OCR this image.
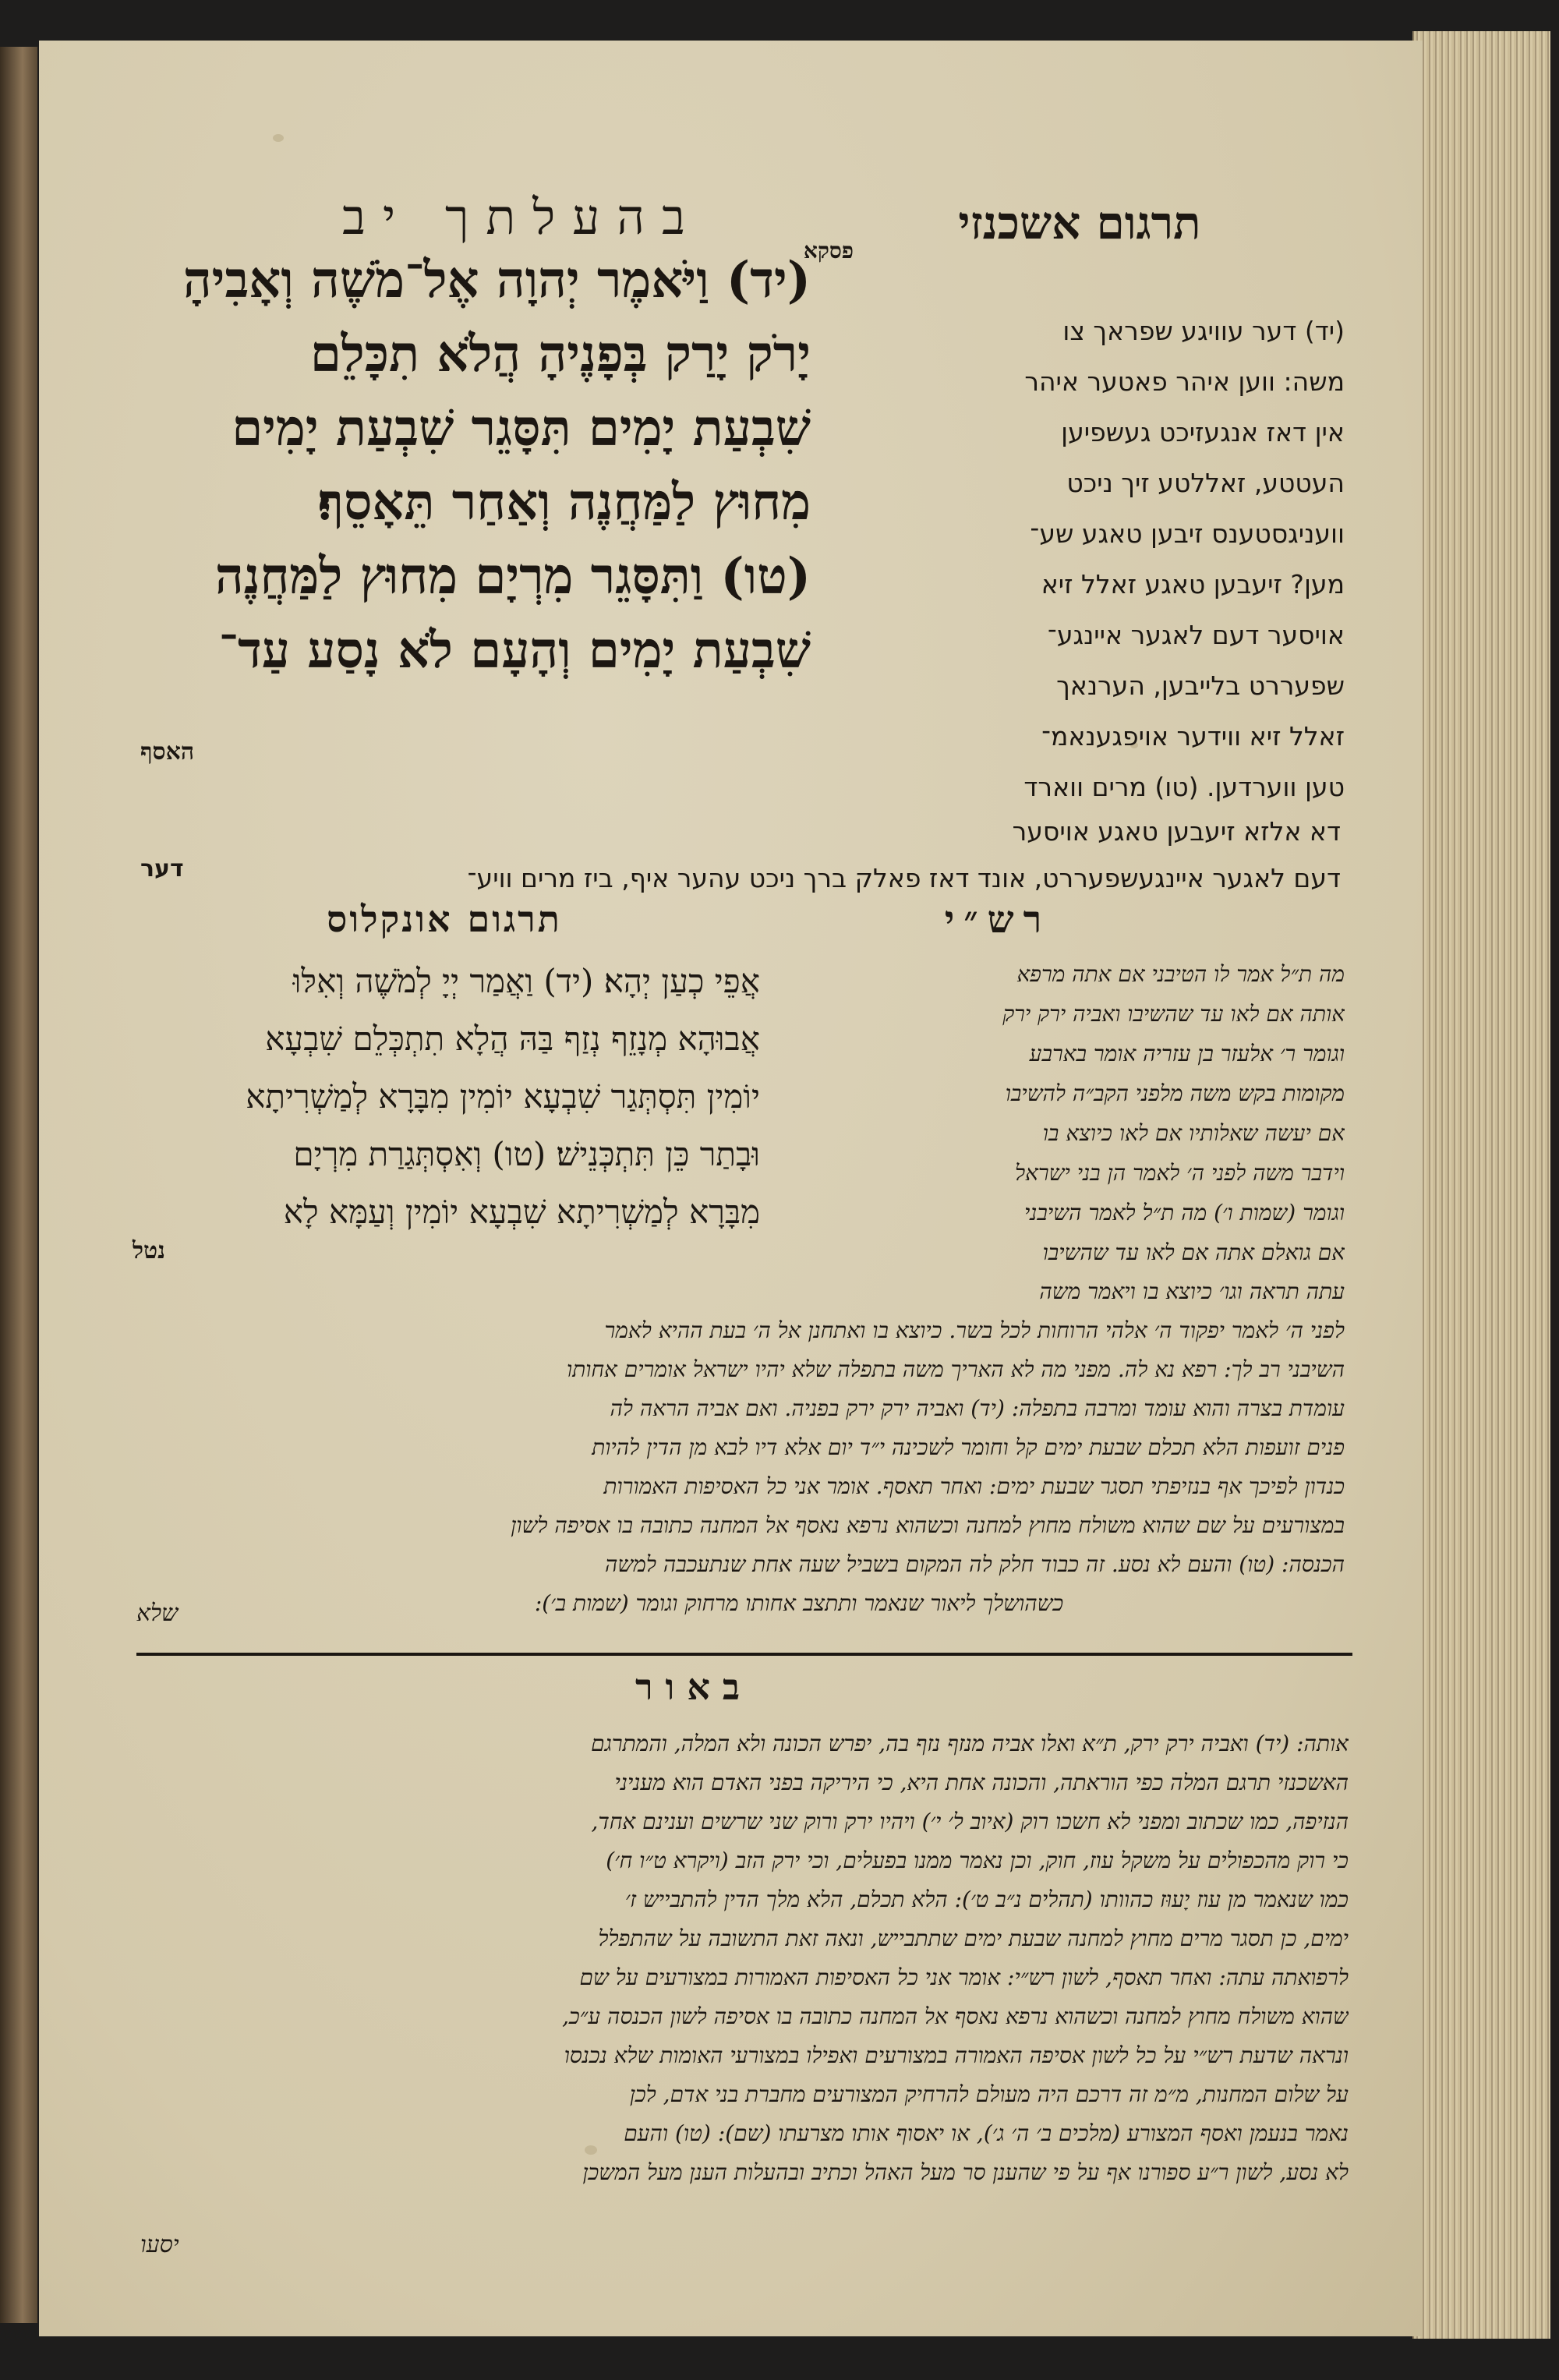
בהעלתך יב	תרגום אשכנזי
פסקא
(יד) וַיֹּאמֶר יְהוָה אֶל־מֹשֶׁה וְאָבִיהָ
יָרֹק יָרַק בְּפָנֶיהָ הֲלֹא תִכָּלֵם
שִׁבְעַת יָמִים תִּסָּגֵר שִׁבְעַת יָמִים
מִחוּץ לַמַּחֲנֶה וְאַחַר תֵּאָסֵף׃
(טו) וַתִּסָּגֵר מִרְיָם מִחוּץ לַמַּחֲנֶה
שִׁבְעַת יָמִים וְהָעָם לֹא נָסַע עַד־
האסף
(יד) דער עוויגע שפראך צו
משה: ווען איהר פאטער איהר
אין דאז אנגעזיכט געשפיען
העטטע, זאללטע זיך ניכט
וועניגסטענס זיבען טאגע שע־
מען? זיעבען טאגע זאלל זיא
אויסער דעם לאגער איינגע־
שפעררט בלייבען, הערנאך
זאלל זיא ווידער אויפגענאמ־
טען ווערדען. (טו) מרים ווארד
דא אלזא זיעבען טאגע אויסער
דעם לאגער איינגעשפעררט, אונד דאז פאלק ברך ניכט עהער איף, ביז מרים וויע־
דער
תרגום אונקלוס	רש״י
אֲפֵי כְעַן יְהָא׃ (יד) וַאֲמַר יְיָ לְמֹשֶׁה וְאִלּוּ
אֲבוּהָא מְנָזֵף נְזַף בַּהּ הֲלָא תִתְכְּלֵם שִׁבְעָא
יוֹמִין תִּסְתְּגַר שִׁבְעָא יוֹמִין מִבָּרָא לְמַשְׁרִיתָא
וּבָתַר כֵּן תִּתְכְּנֵישׁ׃ (טו) וְאִסְתְּגַרַת מִרְיָם
מִבָּרָא לְמַשְׁרִיתָא שִׁבְעָא יוֹמִין וְעַמָּא לָא
נטל
מה ת״ל אמר לו הטיבני אם אתה מרפא
אותה אם לאו עד שהשיבו ואביה ירק ירק
וגומר ר׳ אלעזר בן עזריה אומר בארבע
מקומות בקש משה מלפני הקב״ה להשיבו
אם יעשה שאלותיו אם לאו כיוצא בו
וידבר משה לפני ה׳ לאמר הן בני ישראל
וגומר (שמות ו׳) מה ת״ל לאמר השיבני
אם גואלם אתה אם לאו עד שהשיבו
עתה תראה וגו׳ כיוצא בו ויאמר משה
לפני ה׳ לאמר יפקוד ה׳ אלהי הרוחות לכל בשר. כיוצא בו ואתחנן אל ה׳ בעת ההיא לאמר
השיבני רב לך: רפא נא לה. מפני מה לא האריך משה בתפלה שלא יהיו ישראל אומרים אחותו
עומדת בצרה והוא עומד ומרבה בתפלה: (יד) ואביה ירק ירק בפניה. ואם אביה הראה לה
פנים זועפות הלא תכלם שבעת ימים קל וחומר לשכינה י״ד יום אלא דיו לבא מן הדין להיות
כנדון לפיכך אף בנזיפתי תסגר שבעת ימים: ואחר תאסף. אומר אני כל האסיפות האמורות
במצורעים על שם שהוא משולח מחוץ למחנה וכשהוא נרפא נאסף אל המחנה כתובה בו אסיפה לשון
הכנסה: (טו) והעם לא נסע. זה כבוד חלק לה המקום בשביל שעה אחת שנתעכבה למשה
כשהושלך ליאור שנאמר ותתצב אחותו מרחוק וגומר (שמות ב׳):
שלא
באור
אותה: (יד) ואביה ירק ירק, ת״א ואלו אביה מנזף נזף בה, יפרש הכונה ולא המלה, והמתרגם
האשכנזי תרגם המלה כפי הוראתה, והכונה אחת היא, כי היריקה בפני האדם הוא מעניני
הנזיפה, כמו שכתוב ומפני לא חשכו רוק (איוב ל׳ י׳) ויהיו ירק ורוק שני שרשים וענינם אחד,
כי רוק מהכפולים על משקל עוז, חוק, וכן נאמר ממנו בפעלים, וכי ירק הזב (ויקרא ט״ו ח׳)
כמו שנאמר מן עוז יָעוּז כהוותו (תהלים נ״ב ט׳): הלא תכלם, הלא מלך הדין להתבייש ז׳
ימים, כן תסגר מרים מחוץ למחנה שבעת ימים שתתבייש, ונאה זאת התשובה על שהתפלל
לרפואתה עתה: ואחר תאסף, לשון רש״י: אומר אני כל האסיפות האמורות במצורעים על שם
שהוא משולח מחוץ למחנה וכשהוא נרפא נאסף אל המחנה כתובה בו אסיפה לשון הכנסה ע״כ,
ונראה שדעת רש״י על כל לשון אסיפה האמורה במצורעים ואפילו במצורעי האומות שלא נכנסו
על שלום המחנות, מ״מ זה דרכם היה מעולם להרחיק המצורעים מחברת בני אדם, לכן
נאמר בנעמן ואסף המצורע (מלכים ב׳ ה׳ ג׳), או יאסוף אותו מצרעתו (שם): (טו) והעם
לא נסע, לשון ר״ע ספורנו אף על פי שהענן סר מעל האהל וכתיב ובהעלות הענן מעל המשכן
יסעו
